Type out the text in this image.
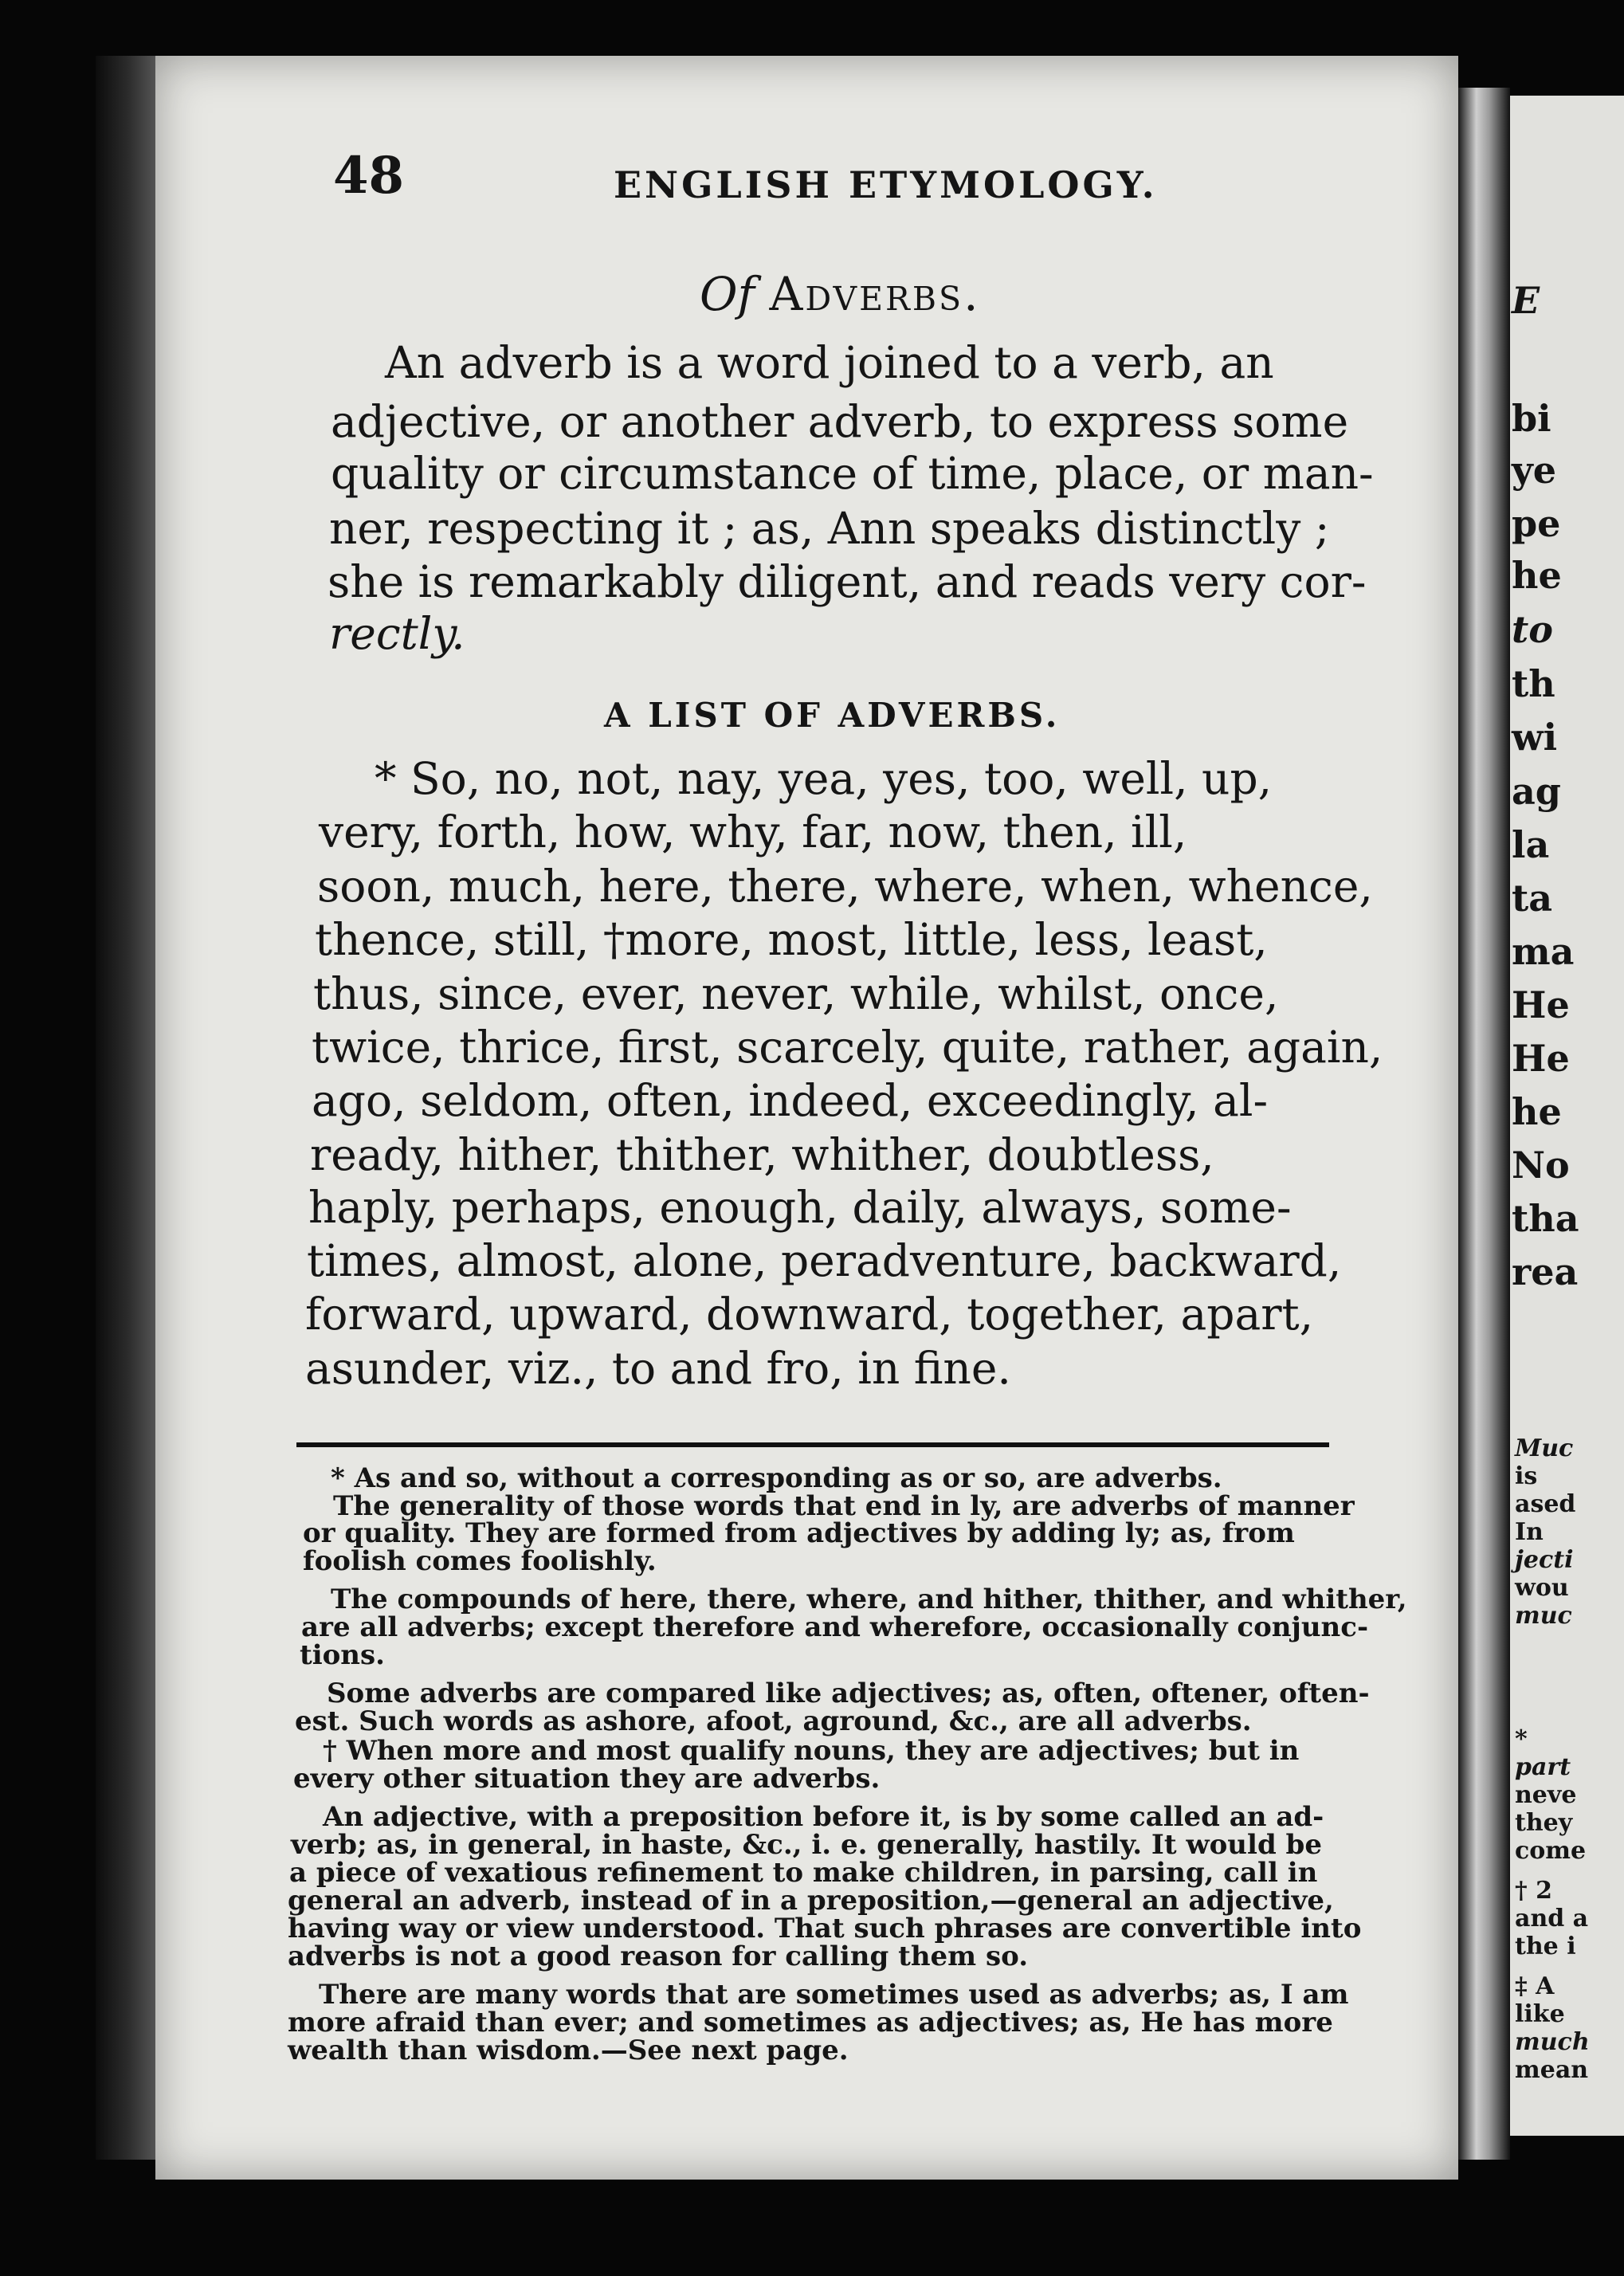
48	ENGLISH ETYMOLOGY.
Of Adverbs.
An adverb is a word joined to a verb, an
adjective, or another adverb, to express some
quality or circumstance of time, place, or man-
ner, respecting it ; as, Ann speaks distinctly ;
she is remarkably diligent, and reads very cor-
rectly.
A LIST OF ADVERBS.
* So, no, not, nay, yea, yes, too, well, up,
very, forth, how, why, far, now, then, ill,
soon, much, here, there, where, when, whence,
thence, still, †more, most, little, less, least,
thus, since, ever, never, while, whilst, once,
twice, thrice, first, scarcely, quite, rather, again,
ago, seldom, often, indeed, exceedingly, al-
ready, hither, thither, whither, doubtless,
haply, perhaps, enough, daily, always, some-
times, almost, alone, peradventure, backward,
forward, upward, downward, together, apart,
asunder, viz., to and fro, in fine.
* As and so, without a corresponding as or so, are adverbs.
The generality of those words that end in ly, are adverbs of manner
or quality. They are formed from adjectives by adding ly; as, from
foolish comes foolishly.
The compounds of here, there, where, and hither, thither, and whither,
are all adverbs; except therefore and wherefore, occasionally conjunc-
tions.
Some adverbs are compared like adjectives; as, often, oftener, often-
est. Such words as ashore, afoot, aground, &c., are all adverbs.
† When more and most qualify nouns, they are adjectives; but in
every other situation they are adverbs.
An adjective, with a preposition before it, is by some called an ad-
verb; as, in general, in haste, &c., i. e. generally, hastily. It would be
a piece of vexatious refinement to make children, in parsing, call in
general an adverb, instead of in a preposition,—general an adjective,
having way or view understood. That such phrases are convertible into
adverbs is not a good reason for calling them so.
There are many words that are sometimes used as adverbs; as, I am
more afraid than ever; and sometimes as adjectives; as, He has more
wealth than wisdom.—See next page.
E
bi
ye
pe
he
to
th
wi
ag
la
ta
ma
He
He
he
No
tha
rea
Muc
is
ased
In
jecti
wou
muc
*
part
neve
they
come
† 2
and a
the i
‡ A
like
much
mean
